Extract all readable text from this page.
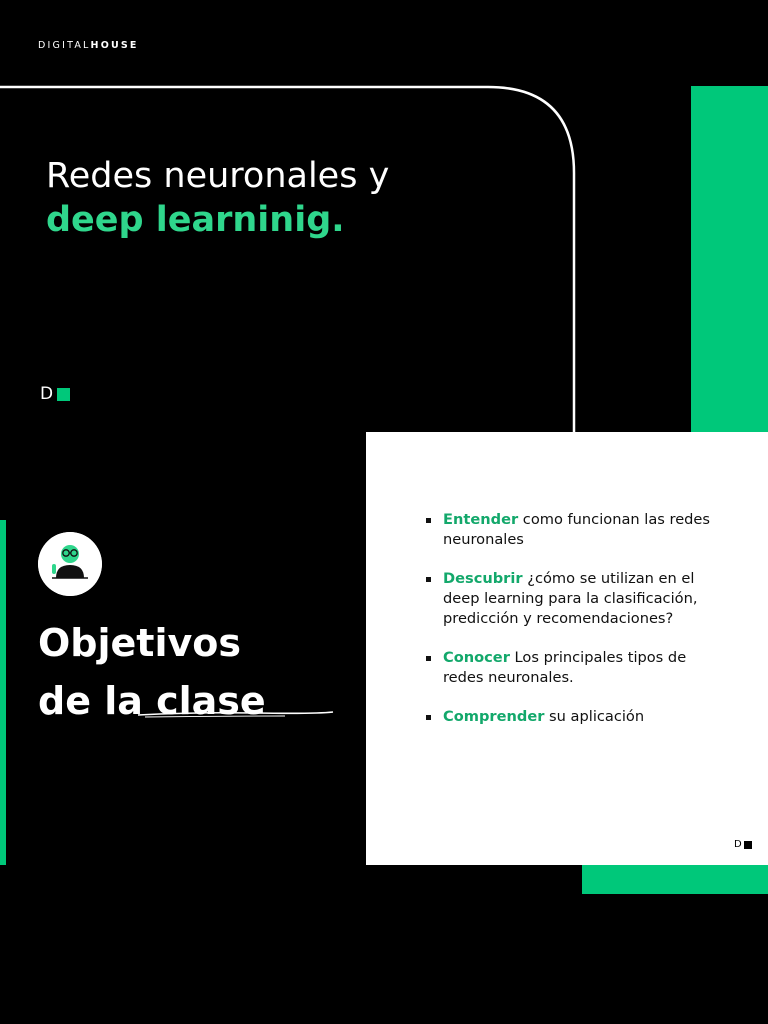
DIGITALHOUSE
Redes neuronales y
deep learninig.
D
Objetivos
de la clase
Entender como funcionan las redes neuronales
Descubrir ¿cómo se utilizan en el deep learning para la clasificación, predicción y recomendaciones?
Conocer Los principales tipos de redes neuronales.
Comprender su aplicación
D
